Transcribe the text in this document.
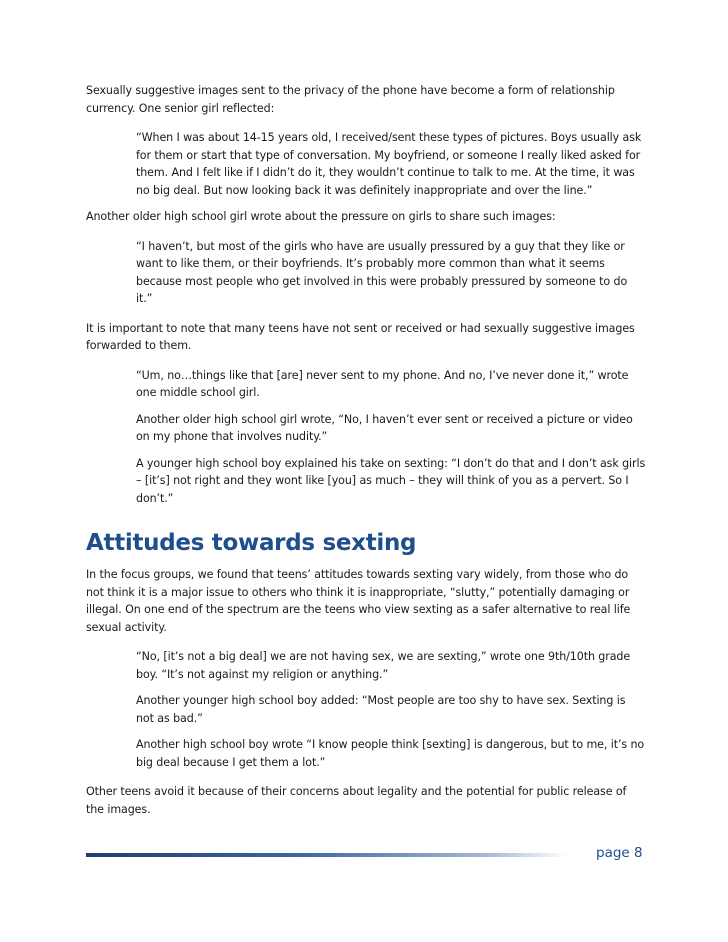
Sexually suggestive images sent to the privacy of the phone have become a form of relationship currency. One senior girl reflected:

“When I was about 14-15 years old, I received/sent these types of pictures. Boys usually ask for them or start that type of conversation. My boyfriend, or someone I really liked asked for them. And I felt like if I didn’t do it, they wouldn’t continue to talk to me. At the time, it was no big deal. But now looking back it was definitely inappropriate and over the line.”

Another older high school girl wrote about the pressure on girls to share such images:

“I haven’t, but most of the girls who have are usually pressured by a guy that they like or want to like them, or their boyfriends. It’s probably more common than what it seems because most people who get involved in this were probably pressured by someone to do it.”

It is important to note that many teens have not sent or received or had sexually suggestive images forwarded to them.

“Um, no…things like that [are] never sent to my phone. And no, I’ve never done it,” wrote one middle school girl.

Another older high school girl wrote, “No, I haven’t ever sent or received a picture or video on my phone that involves nudity.”

A younger high school boy explained his take on sexting: “I don’t do that and I don’t ask girls – [it’s] not right and they wont like [you] as much – they will think of you as a pervert. So I don’t.”

Attitudes towards sexting

In the focus groups, we found that teens’ attitudes towards sexting vary widely, from those who do not think it is a major issue to others who think it is inappropriate, “slutty,” potentially damaging or illegal. On one end of the spectrum are the teens who view sexting as a safer alternative to real life sexual activity.

“No, [it’s not a big deal] we are not having sex, we are sexting,” wrote one 9th/10th grade boy. “It’s not against my religion or anything.”

Another younger high school boy added: “Most people are too shy to have sex. Sexting is not as bad.”

Another high school boy wrote “I know people think [sexting] is dangerous, but to me, it’s no big deal because I get them a lot.”

Other teens avoid it because of their concerns about legality and the potential for public release of the images.

page 8
